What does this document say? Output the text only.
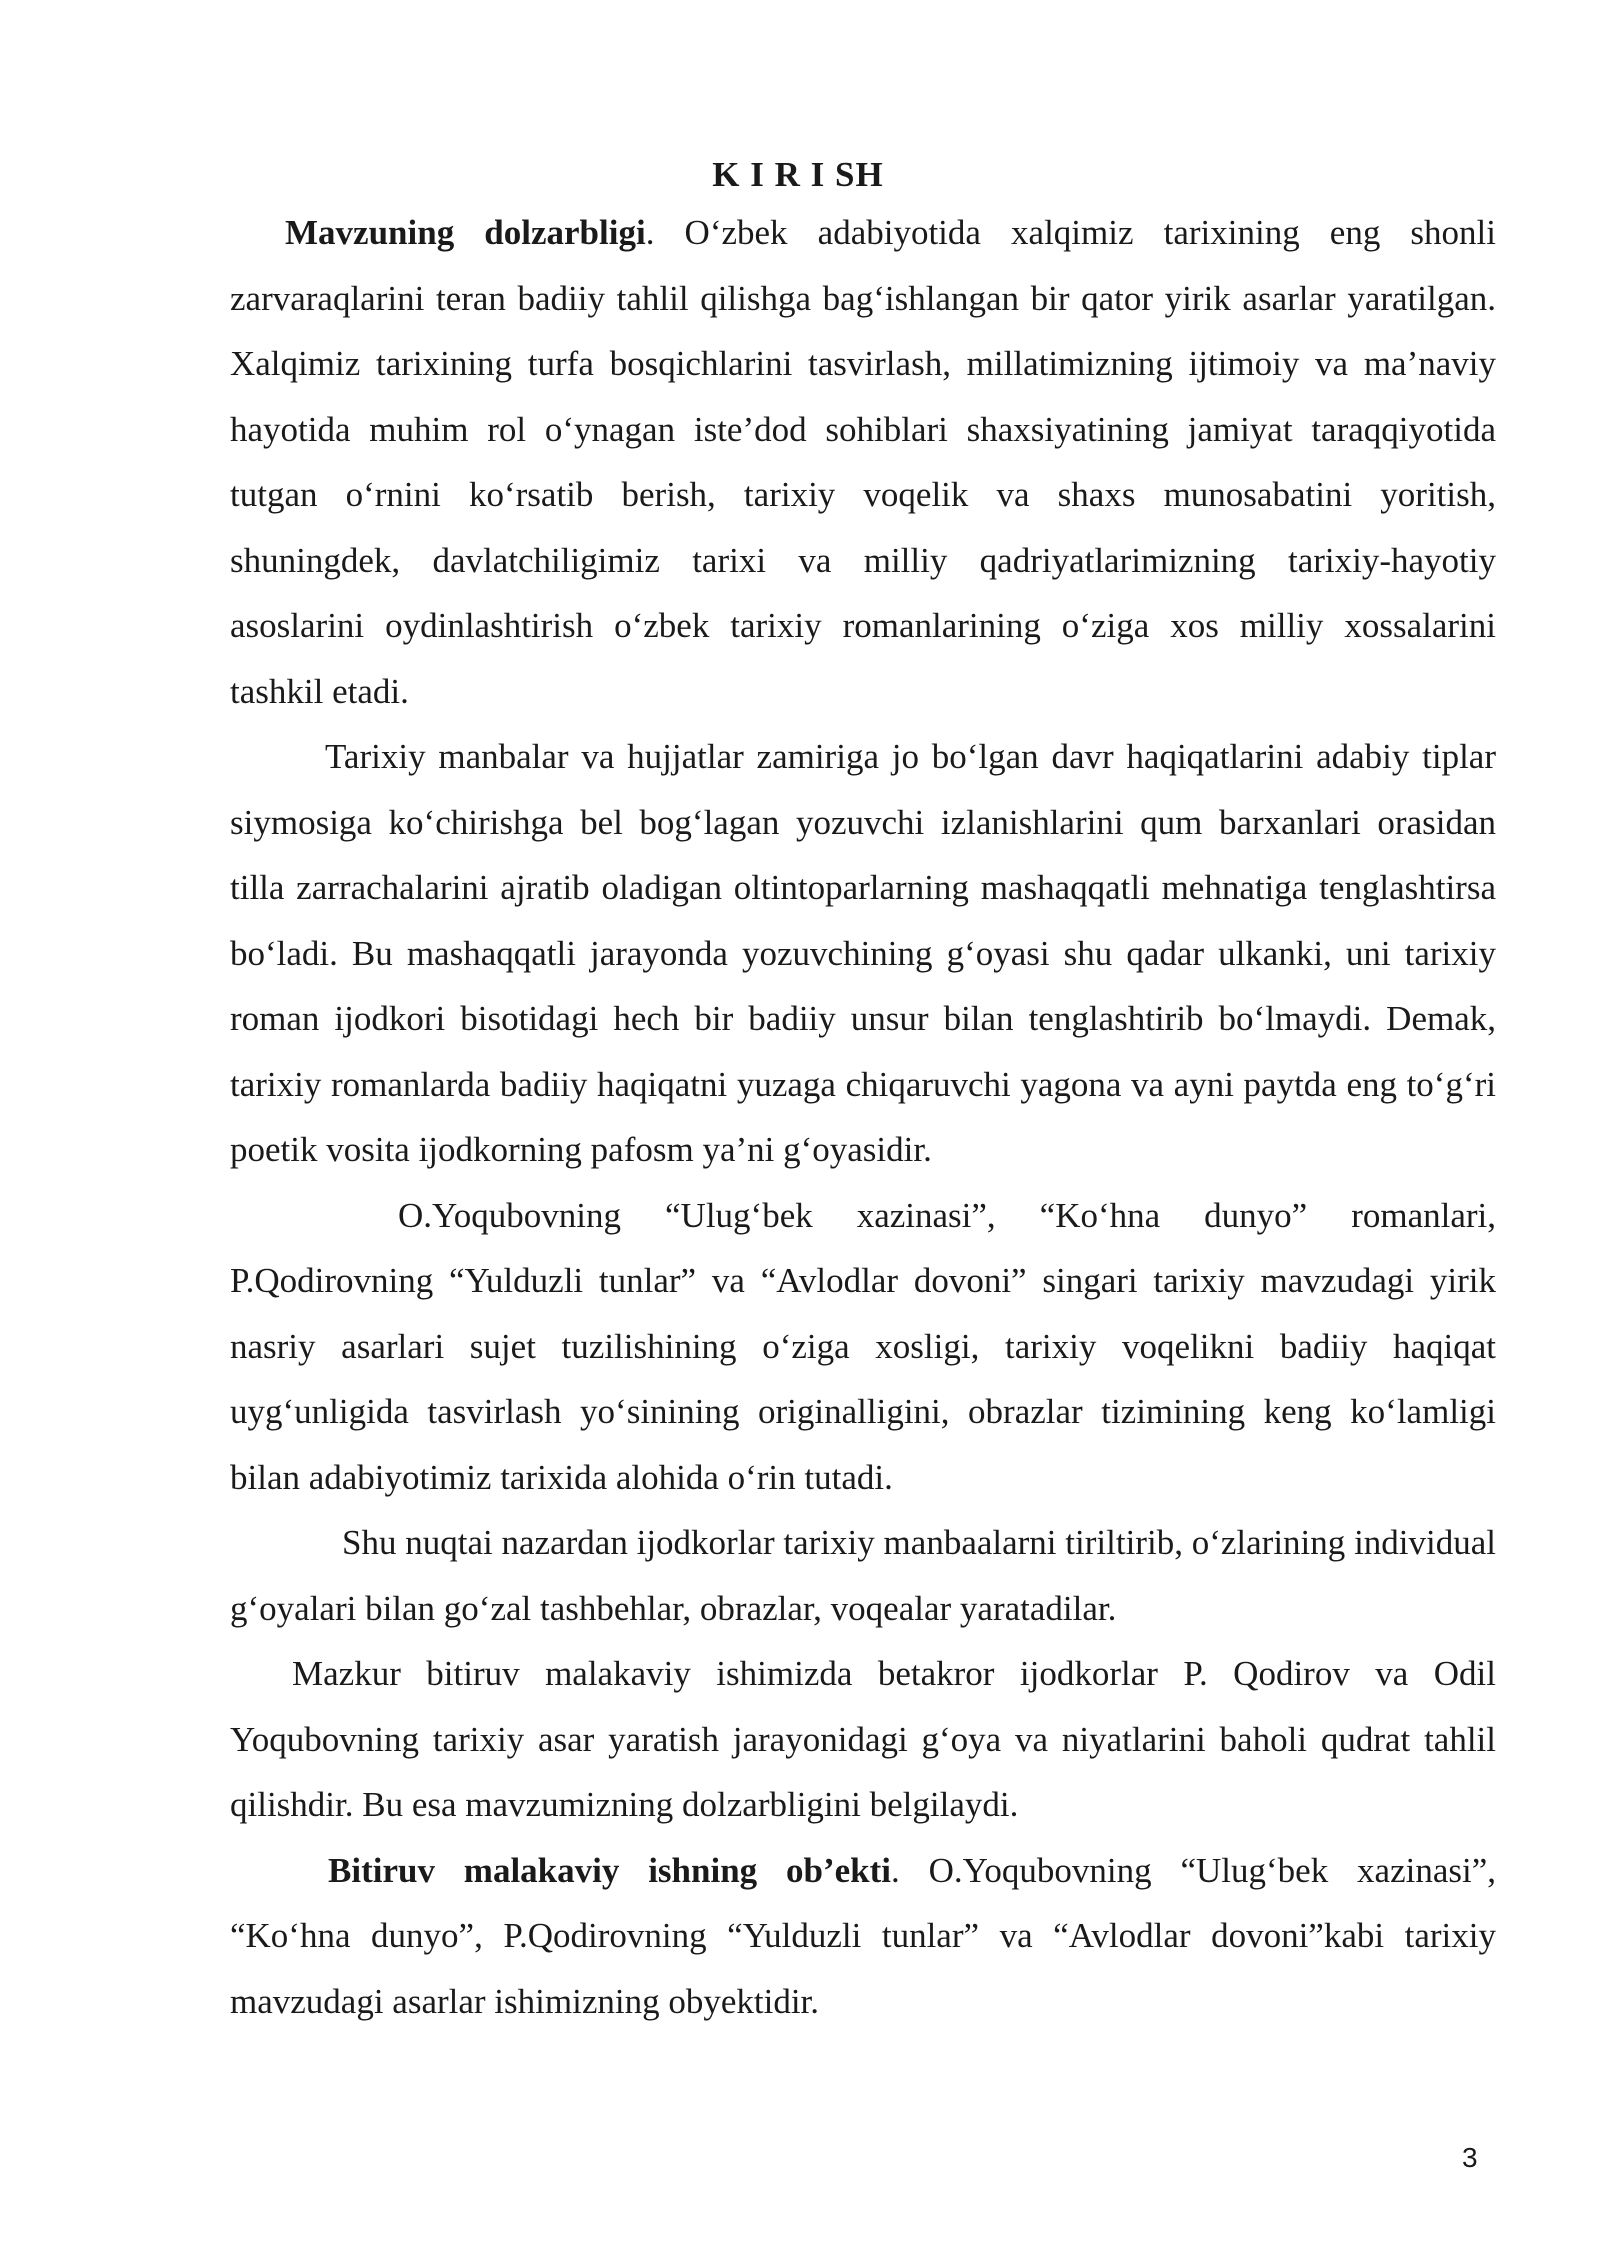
K I R I SH

Mavzuning dolzarbligi. O‘zbek adabiyotida xalqimiz tarixining eng shonli zarvaraqlarini teran badiiy tahlil qilishga bag‘ishlangan bir qator yirik asarlar yaratilgan. Xalqimiz tarixining turfa bosqichlarini tasvirlash, millatimizning ijtimoiy va ma’naviy hayotida muhim rol o‘ynagan iste’dod sohiblari shaxsiyatining jamiyat taraqqiyotida tutgan o‘rnini ko‘rsatib berish, tarixiy voqelik va shaxs munosabatini yoritish, shuningdek, davlatchiligimiz tarixi va milliy qadriyatlarimizning tarixiy-hayotiy asoslarini oydinlashtirish o‘zbek tarixiy romanlarining o‘ziga xos milliy xossalarini tashkil etadi.

Tarixiy manbalar va hujjatlar zamiriga jo bo‘lgan davr haqiqatlarini adabiy tiplar siymosiga ko‘chirishga bel bog‘lagan yozuvchi izlanishlarini qum barxanlari orasidan tilla zarrachalarini ajratib oladigan oltintoparlarning mashaqqatli mehnatiga tenglashtirsa bo‘ladi. Bu mashaqqatli jarayonda yozuvchining g‘oyasi shu qadar ulkanki, uni tarixiy roman ijodkori bisotidagi hech bir badiiy unsur bilan tenglashtirib bo‘lmaydi. Demak, tarixiy romanlarda badiiy haqiqatni yuzaga chiqaruvchi yagona va ayni paytda eng to‘g‘ri poetik vosita ijodkorning pafosm ya’ni g‘oyasidir.

O.Yoqubovning “Ulug‘bek xazinasi”, “Ko‘hna dunyo” romanlari, P.Qodirovning “Yulduzli tunlar” va “Avlodlar dovoni” singari tarixiy mavzudagi yirik nasriy asarlari sujet tuzilishining o‘ziga xosligi, tarixiy voqelikni badiiy haqiqat uyg‘unligida tasvirlash yo‘sinining originalligini, obrazlar tizimining keng ko‘lamligi bilan adabiyotimiz tarixida alohida o‘rin tutadi.

Shu nuqtai nazardan ijodkorlar tarixiy manbaalarni tiriltirib, o‘zlarining individual g‘oyalari bilan go‘zal tashbehlar, obrazlar, voqealar yaratadilar.

Mazkur bitiruv malakaviy ishimizda betakror ijodkorlar P. Qodirov va Odil Yoqubovning tarixiy asar yaratish jarayonidagi g‘oya va niyatlarini baholi qudrat tahlil qilishdir. Bu esa mavzumizning dolzarbligini belgilaydi.

Bitiruv malakaviy ishning ob’ekti. O.Yoqubovning “Ulug‘bek xazinasi”, “Ko‘hna dunyo”, P.Qodirovning “Yulduzli tunlar” va “Avlodlar dovoni”kabi tarixiy mavzudagi asarlar ishimizning obyektidir.

3
